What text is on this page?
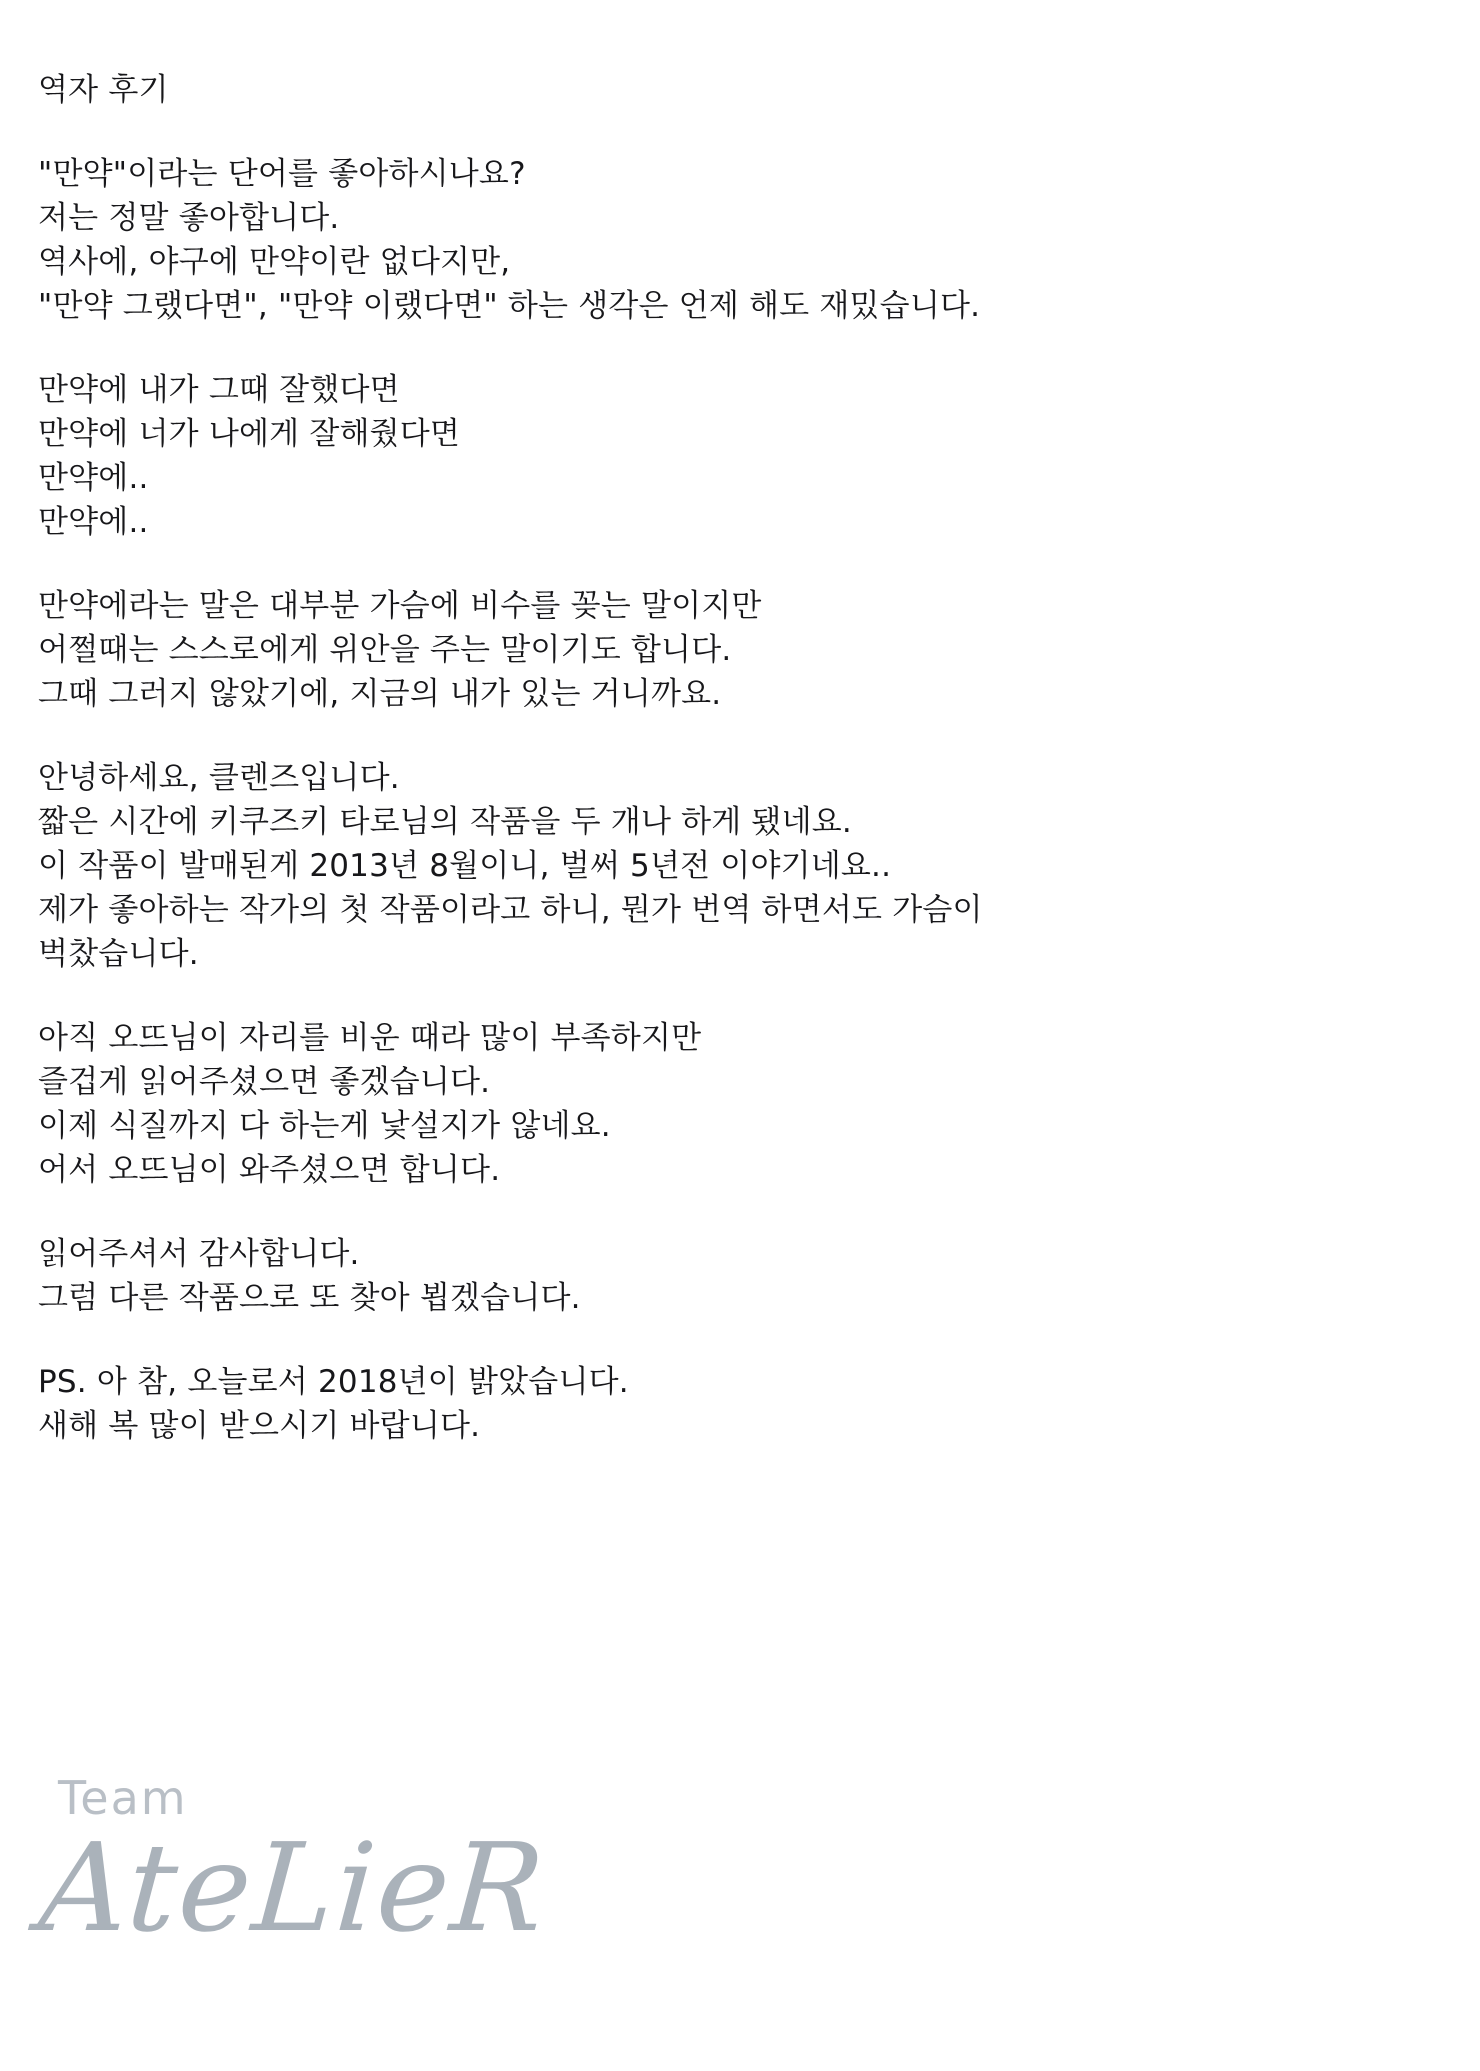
역자 후기
"만약"이라는 단어를 좋아하시나요?
저는 정말 좋아합니다.
역사에, 야구에 만약이란 없다지만,
"만약 그랬다면", "만약 이랬다면" 하는 생각은 언제 해도 재밌습니다.
만약에 내가 그때 잘했다면
만약에 너가 나에게 잘해줬다면
만약에..
만약에..
만약에라는 말은 대부분 가슴에 비수를 꽂는 말이지만
어쩔때는 스스로에게 위안을 주는 말이기도 합니다.
그때 그러지 않았기에, 지금의 내가 있는 거니까요.
안녕하세요, 클렌즈입니다.
짧은 시간에 키쿠즈키 타로님의 작품을 두 개나 하게 됐네요.
이 작품이 발매된게 2013년 8월이니, 벌써 5년전 이야기네요..
제가 좋아하는 작가의 첫 작품이라고 하니, 뭔가 번역 하면서도 가슴이
벅찼습니다.
아직 오뜨님이 자리를 비운 때라 많이 부족하지만
즐겁게 읽어주셨으면 좋겠습니다.
이제 식질까지 다 하는게 낯설지가 않네요.
어서 오뜨님이 와주셨으면 합니다.
읽어주셔서 감사합니다.
그럼 다른 작품으로 또 찾아 뵙겠습니다.
PS. 아 참, 오늘로서 2018년이 밝았습니다.
새해 복 많이 받으시기 바랍니다.
Team
AteLieR
